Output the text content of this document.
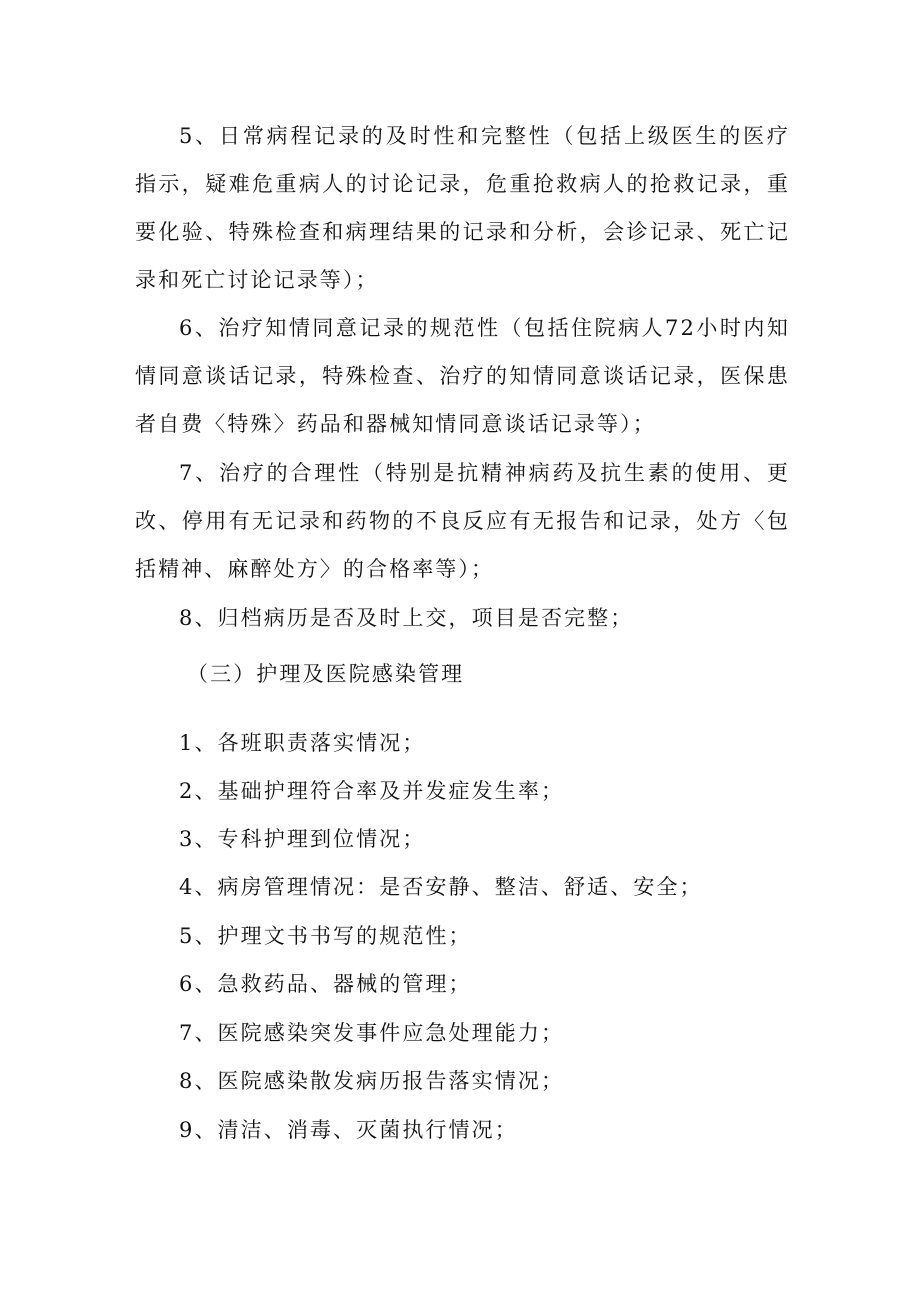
5、日常病程记录的及时性和完整性（包括上级医生的医疗指示，疑难危重病人的讨论记录，危重抢救病人的抢救记录，重要化验、特殊检查和病理结果的记录和分析，会诊记录、死亡记录和死亡讨论记录等）；

6、治疗知情同意记录的规范性（包括住院病人72小时内知情同意谈话记录，特殊检查、治疗的知情同意谈话记录，医保患者自费〈特殊〉药品和器械知情同意谈话记录等）；

7、治疗的合理性（特别是抗精神病药及抗生素的使用、更改、停用有无记录和药物的不良反应有无报告和记录，处方〈包括精神、麻醉处方〉的合格率等）；

8、归档病历是否及时上交，项目是否完整；

（三）护理及医院感染管理

1、各班职责落实情况；

2、基础护理符合率及并发症发生率；

3、专科护理到位情况；

4、病房管理情况：是否安静、整洁、舒适、安全；

5、护理文书书写的规范性；

6、急救药品、器械的管理；

7、医院感染突发事件应急处理能力；

8、医院感染散发病历报告落实情况；

9、清洁、消毒、灭菌执行情况；
